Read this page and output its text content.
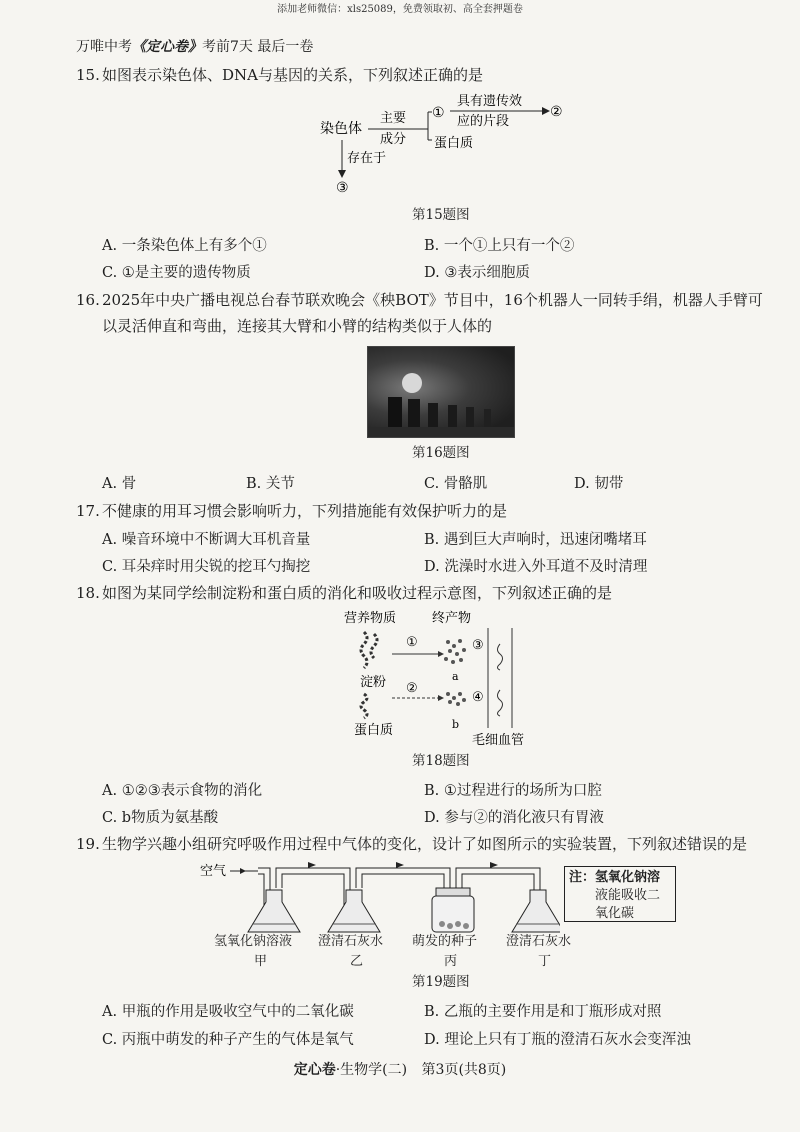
添加老师微信：xls25089，免费领取初、高全套押题卷
万唯中考《定心卷》考前7天 最后一卷
15. 如图表示染色体、DNA与基因的关系，下列叙述正确的是
染色体
主要
成分
①
具有遗传效
应的片段
②
蛋白质
存在于
③
第15题图
A. 一条染色体上有多个①	B. 一个①上只有一个②
C. ①是主要的遗传物质	D. ③表示细胞质
16. 2025年中央广播电视总台春节联欢晚会《秧BOT》节目中，16个机器人一同转手绢，机器人手臂可
以灵活伸直和弯曲，连接其大臂和小臂的结构类似于人体的
第16题图
A. 骨	B. 关节	C. 骨骼肌	D. 韧带
17. 不健康的用耳习惯会影响听力，下列措施能有效保护听力的是
A. 噪音环境中不断调大耳机音量	B. 遇到巨大声响时，迅速闭嘴堵耳
C. 耳朵痒时用尖锐的挖耳勺掏挖	D. 洗澡时水进入外耳道不及时清理
18. 如图为某同学绘制淀粉和蛋白质的消化和吸收过程示意图，下列叙述正确的是
营养物质	终产物
淀粉
①
a
③
蛋白质
②
b
④
毛细血管
第18题图
A. ①②③表示食物的消化	B. ①过程进行的场所为口腔
C. b物质为氨基酸	D. 参与②的消化液只有胃液
19. 生物学兴趣小组研究呼吸作用过程中气体的变化，设计了如图所示的实验装置，下列叙述错误的是
空气
氢氧化钠溶液 澄清石灰水 萌发的种子 澄清石灰水
甲	乙	丙	丁
注：氢氧化钠溶
液能吸收二
氧化碳
第19题图
A. 甲瓶的作用是吸收空气中的二氧化碳	B. 乙瓶的主要作用是和丁瓶形成对照
C. 丙瓶中萌发的种子产生的气体是氧气	D. 理论上只有丁瓶的澄清石灰水会变浑浊
定心卷·生物学(二) 第3页(共8页)
